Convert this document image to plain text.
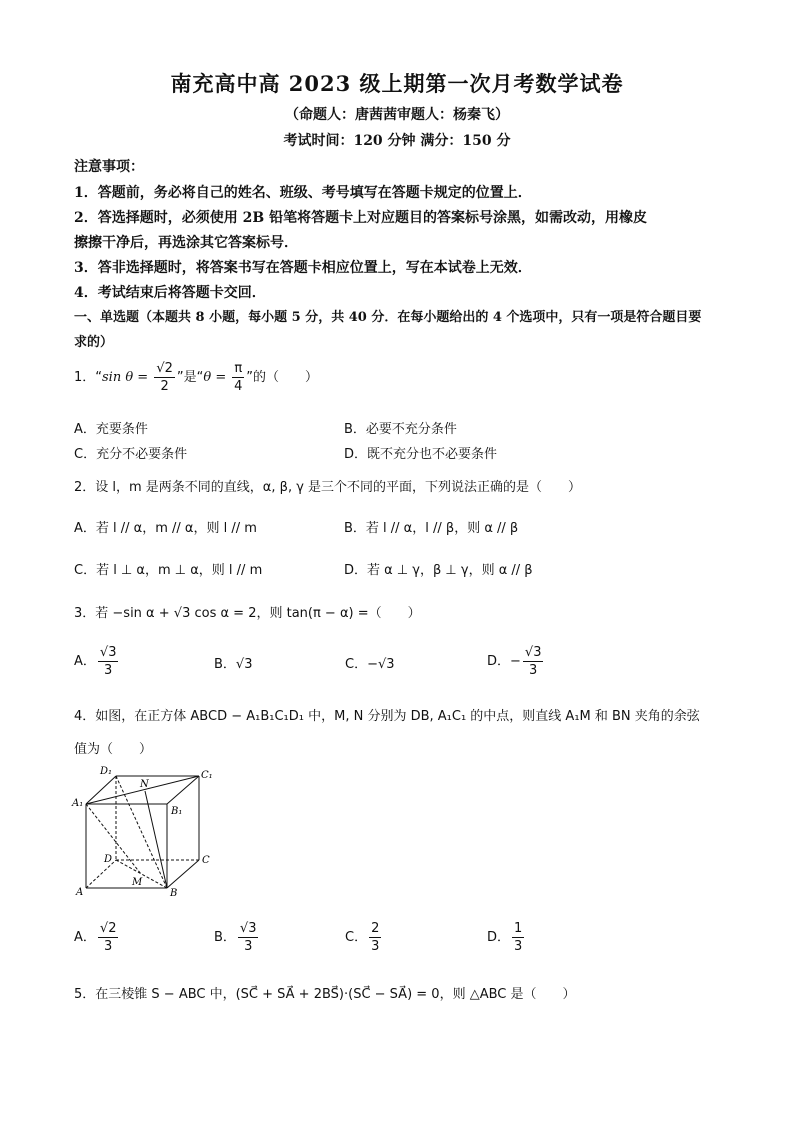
南充高中高 2023 级上期第一次月考数学试卷
（命题人：唐茜茜审题人：杨秦飞）
考试时间：120 分钟 满分：150 分
注意事项：
1．答题前，务必将自己的姓名、班级、考号填写在答题卡规定的位置上．
2．答选择题时，必须使用 2B 铅笔将答题卡上对应题目的答案标号涂黑，如需改动，用橡皮
擦擦干净后，再选涂其它答案标号．
3．答非选择题时，将答案书写在答题卡相应位置上，写在本试卷上无效．
4．考试结束后将答题卡交回．
一、单选题（本题共 8 小题，每小题 5 分，共 40 分．在每小题给出的 4 个选项中，只有一项是符合题目要
求的）
1．“sin $\theta = \frac{√2}{2}$ ”是“$\theta = \frac{\pi}{4}$ ”的（　　）
A．充要条件	B．必要不充分条件
C．充分不必要条件	D．既不充分也不必要条件
2．设 l，m 是两条不同的直线，α, β, γ 是三个不同的平面，下列说法正确的是（　　）
A．若 l // α，m // α，则 l // m	B．若 l // α，l // β，则 α // β
C．若 l ⊥ α，m ⊥ α，则 l // m	D．若 α ⊥ γ，β ⊥ γ，则 α // β
3．若 −sin α + √3 cos α = 2，则 tan(π − α) =（　　）
A． $\frac{√3}{3}$	B．√3	C．−√3	D．− $\frac{√3}{3}$
4．如图，在正方体 ABCD − A₁B₁C₁D₁ 中，M, N 分别为 DB, A₁C₁ 的中点，则直线 A₁M 和 BN 夹角的余弦
值为（　　）
D₁
N
C₁
A₁
B₁
D	C
M
A	B
A． $\frac{√2}{3}$	B． $\frac{√3}{3}$	C． $\frac{2}{3}$	D． $\frac{1}{3}$
5．在三棱锥 S − ABC 中，(SC⃗ + SA⃗ + 2BS⃗)·(SC⃗ − SA⃗) = 0，则 △ABC 是（　　）
